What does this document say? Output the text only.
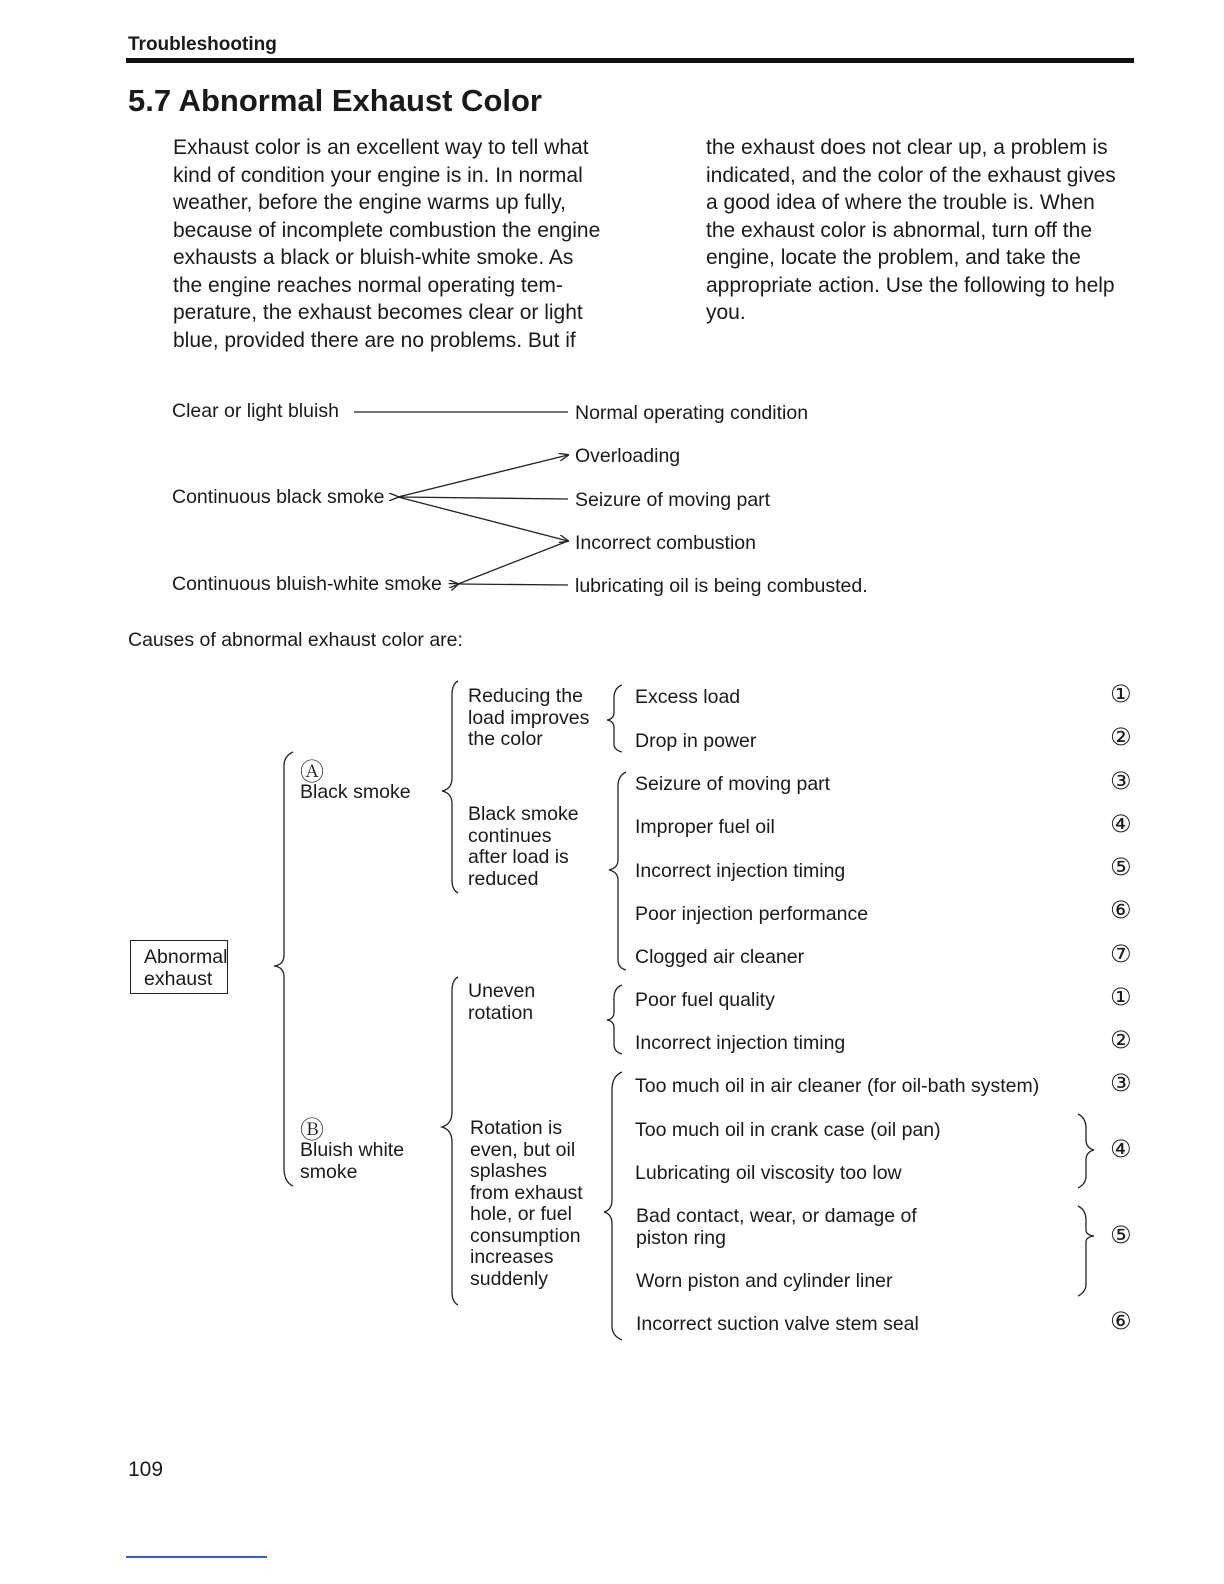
Troubleshooting
5.7 Abnormal Exhaust Color
Exhaust color is an excellent way to tell what
kind of condition your engine is in. In normal
weather, before the engine warms up fully,
because of incomplete combustion the engine
exhausts a black or bluish-white smoke. As
the engine reaches normal operating tem-
perature, the exhaust becomes clear or light
blue, provided there are no problems. But if
the exhaust does not clear up, a problem is
indicated, and the color of the exhaust gives
a good idea of where the trouble is. When
the exhaust color is abnormal, turn off the
engine, locate the problem, and take the
appropriate action. Use the following to help
you.
Clear or light bluish
Continuous black smoke
Continuous bluish-white smoke
Normal operating condition
Overloading
Seizure of moving part
Incorrect combustion
lubricating oil is being combusted.
Causes of abnormal exhaust color are:
Abnormal
exhaust
Ⓐ
Black smoke
Reducing the
load improves
the color
Black smoke
continues
after load is
reduced
Excess load
Drop in power
Seizure of moving part
Improper fuel oil
Incorrect injection timing
Poor injection performance
Clogged air cleaner
①
②
③
④
⑤
⑥
⑦
Ⓑ
Bluish white
smoke
Uneven
rotation
Rotation is
even, but oil
splashes
from exhaust
hole, or fuel
consumption
increases
suddenly
Poor fuel quality
Incorrect injection timing
Too much oil in air cleaner (for oil-bath system)
Too much oil in crank case (oil pan)
Lubricating oil viscosity too low
Bad contact, wear, or damage of
piston ring
Worn piston and cylinder liner
Incorrect suction valve stem seal
①
②
③
④
⑤
⑥
109
